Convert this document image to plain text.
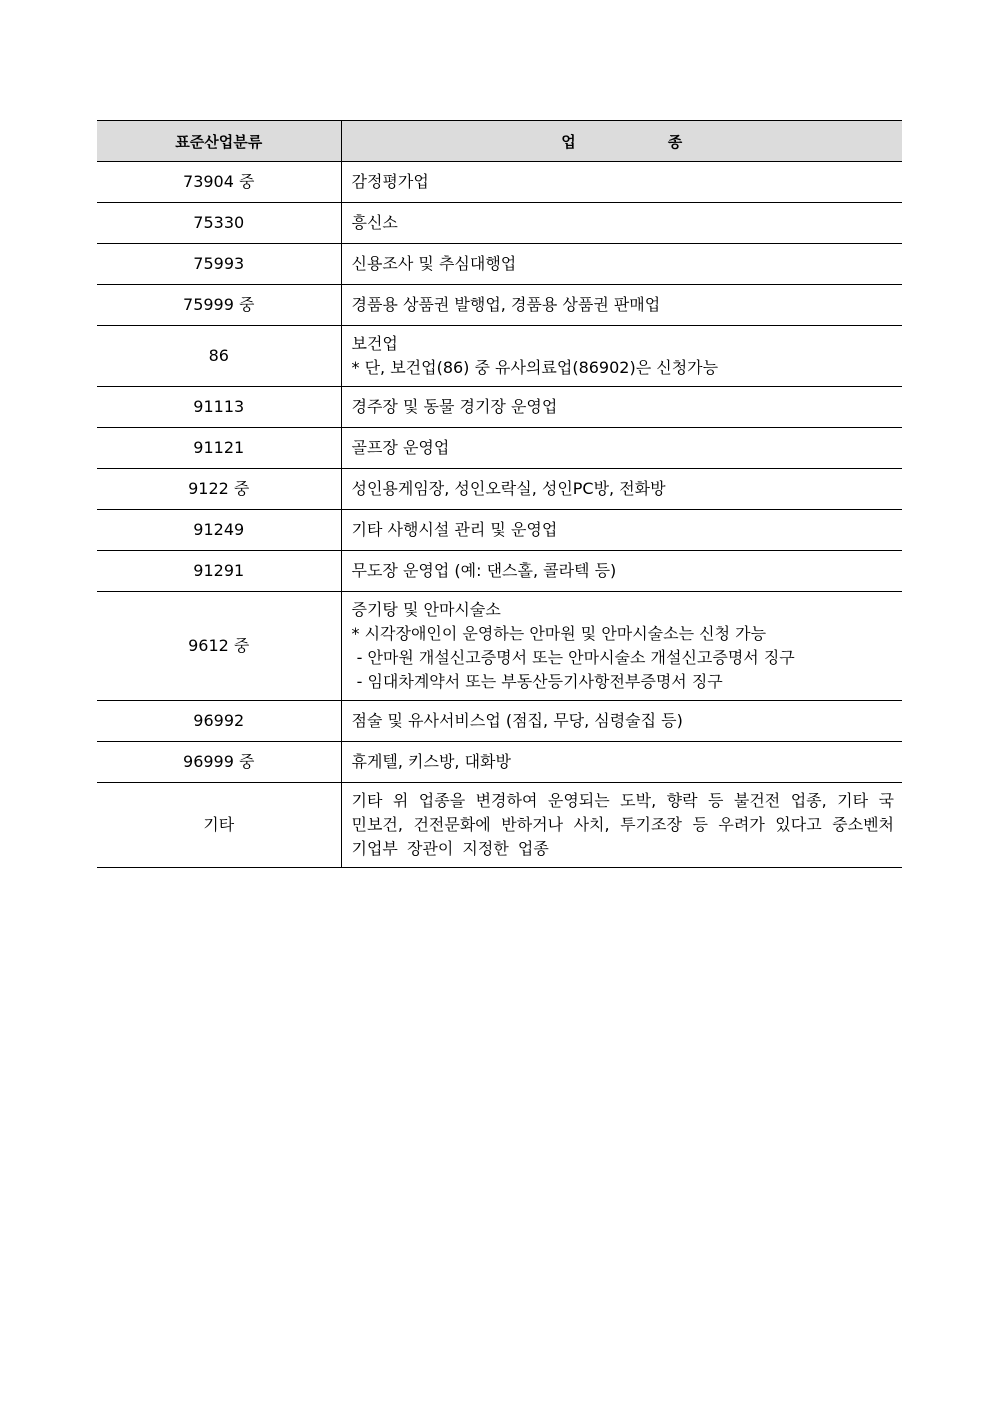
표준산업분류	업 종
73904 중	감정평가업

75330	흥신소

75993	신용조사 및 추심대행업

75999 중	경품용 상품권 발행업, 경품용 상품권 판매업

86	보건업
* 단, 보건업(86) 중 유사의료업(86902)은 신청가능

91113	경주장 및 동물 경기장 운영업

91121	골프장 운영업

9122 중	성인용게임장, 성인오락실, 성인PC방, 전화방

91249	기타 사행시설 관리 및 운영업

91291	무도장 운영업 (예: 댄스홀, 콜라텍 등)

9612 중	증기탕 및 안마시술소
* 시각장애인이 운영하는 안마원 및 안마시술소는 신청 가능
- 안마원 개설신고증명서 또는 안마시술소 개설신고증명서 징구
- 임대차계약서 또는 부동산등기사항전부증명서 징구

96992	점술 및 유사서비스업 (점집, 무당, 심령술집 등)

96999 중	휴게텔, 키스방, 대화방

기타	기타 위 업종을 변경하여 운영되는 도박, 향락 등 불건전 업종, 기타 국민보건, 건전문화에 반하거나 사치, 투기조장 등 우려가 있다고 중소벤처기업부 장관이 지정한 업종
